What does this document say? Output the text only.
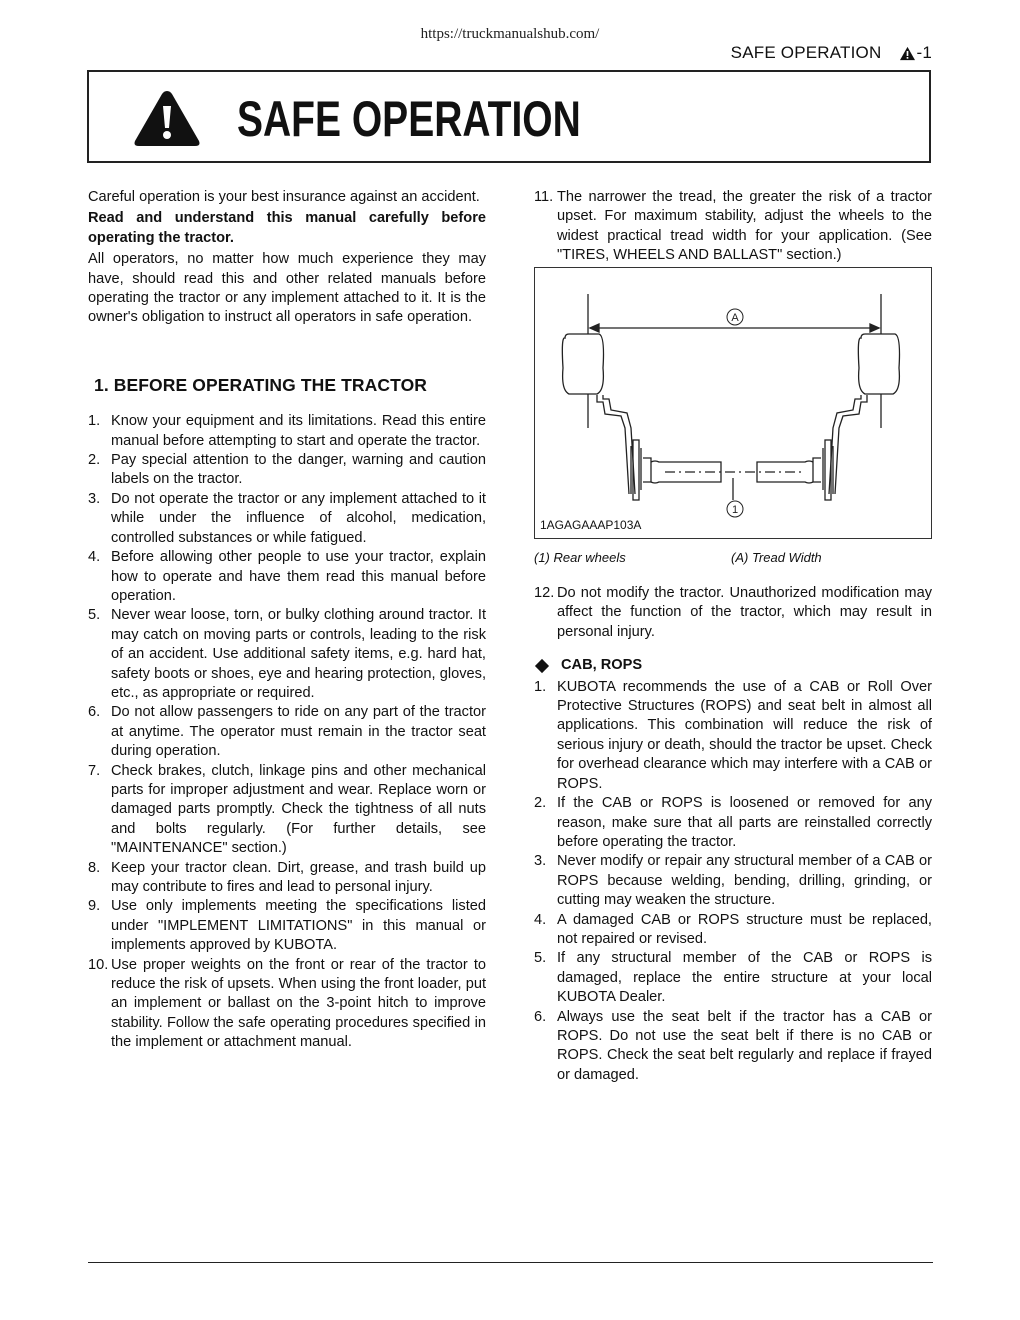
https://truckmanualshub.com/
SAFE OPERATION -1
SAFE OPERATION

Careful operation is your best insurance against an accident.

Read and understand this manual carefully before operating the tractor.

All operators, no matter how much experience they may have, should read this and other related manuals before operating the tractor or any implement attached to it. It is the owner's obligation to instruct all operators in safe operation.

1. BEFORE OPERATING THE TRACTOR
1. Know your equipment and its limitations. Read this entire manual before attempting to start and operate the tractor.
2. Pay special attention to the danger, warning and caution labels on the tractor.
3. Do not operate the tractor or any implement attached to it while under the influence of alcohol, medication, controlled substances or while fatigued.
4. Before allowing other people to use your tractor, explain how to operate and have them read this manual before operation.
5. Never wear loose, torn, or bulky clothing around tractor. It may catch on moving parts or controls, leading to the risk of an accident. Use additional safety items, e.g. hard hat, safety boots or shoes, eye and hearing protection, gloves, etc., as appropriate or required.
6. Do not allow passengers to ride on any part of the tractor at anytime. The operator must remain in the tractor seat during operation.
7. Check brakes, clutch, linkage pins and other mechanical parts for improper adjustment and wear. Replace worn or damaged parts promptly. Check the tightness of all nuts and bolts regularly. (For further details, see "MAINTENANCE" section.)
8. Keep your tractor clean. Dirt, grease, and trash build up may contribute to fires and lead to personal injury.
9. Use only implements meeting the specifications listed under "IMPLEMENT LIMITATIONS" in this manual or implements approved by KUBOTA.
10. Use proper weights on the front or rear of the tractor to reduce the risk of upsets. When using the front loader, put an implement or ballast on the 3-point hitch to improve stability. Follow the safe operating procedures specified in the implement or attachment manual.
11. The narrower the tread, the greater the risk of a tractor upset. For maximum stability, adjust the wheels to the widest practical tread width for your application. (See "TIRES, WHEELS AND BALLAST" section.)
A
1
1AGAGAAAP103A
(1) Rear wheels	(A) Tread Width
12. Do not modify the tractor. Unauthorized modification may affect the function of the tractor, which may result in personal injury.
CAB, ROPS
1. KUBOTA recommends the use of a CAB or Roll Over Protective Structures (ROPS) and seat belt in almost all applications. This combination will reduce the risk of serious injury or death, should the tractor be upset. Check for overhead clearance which may interfere with a CAB or ROPS.
2. If the CAB or ROPS is loosened or removed for any reason, make sure that all parts are reinstalled correctly before operating the tractor.
3. Never modify or repair any structural member of a CAB or ROPS because welding, bending, drilling, grinding, or cutting may weaken the structure.
4. A damaged CAB or ROPS structure must be replaced, not repaired or revised.
5. If any structural member of the CAB or ROPS is damaged, replace the entire structure at your local KUBOTA Dealer.
6. Always use the seat belt if the tractor has a CAB or ROPS. Do not use the seat belt if there is no CAB or ROPS. Check the seat belt regularly and replace if frayed or damaged.
